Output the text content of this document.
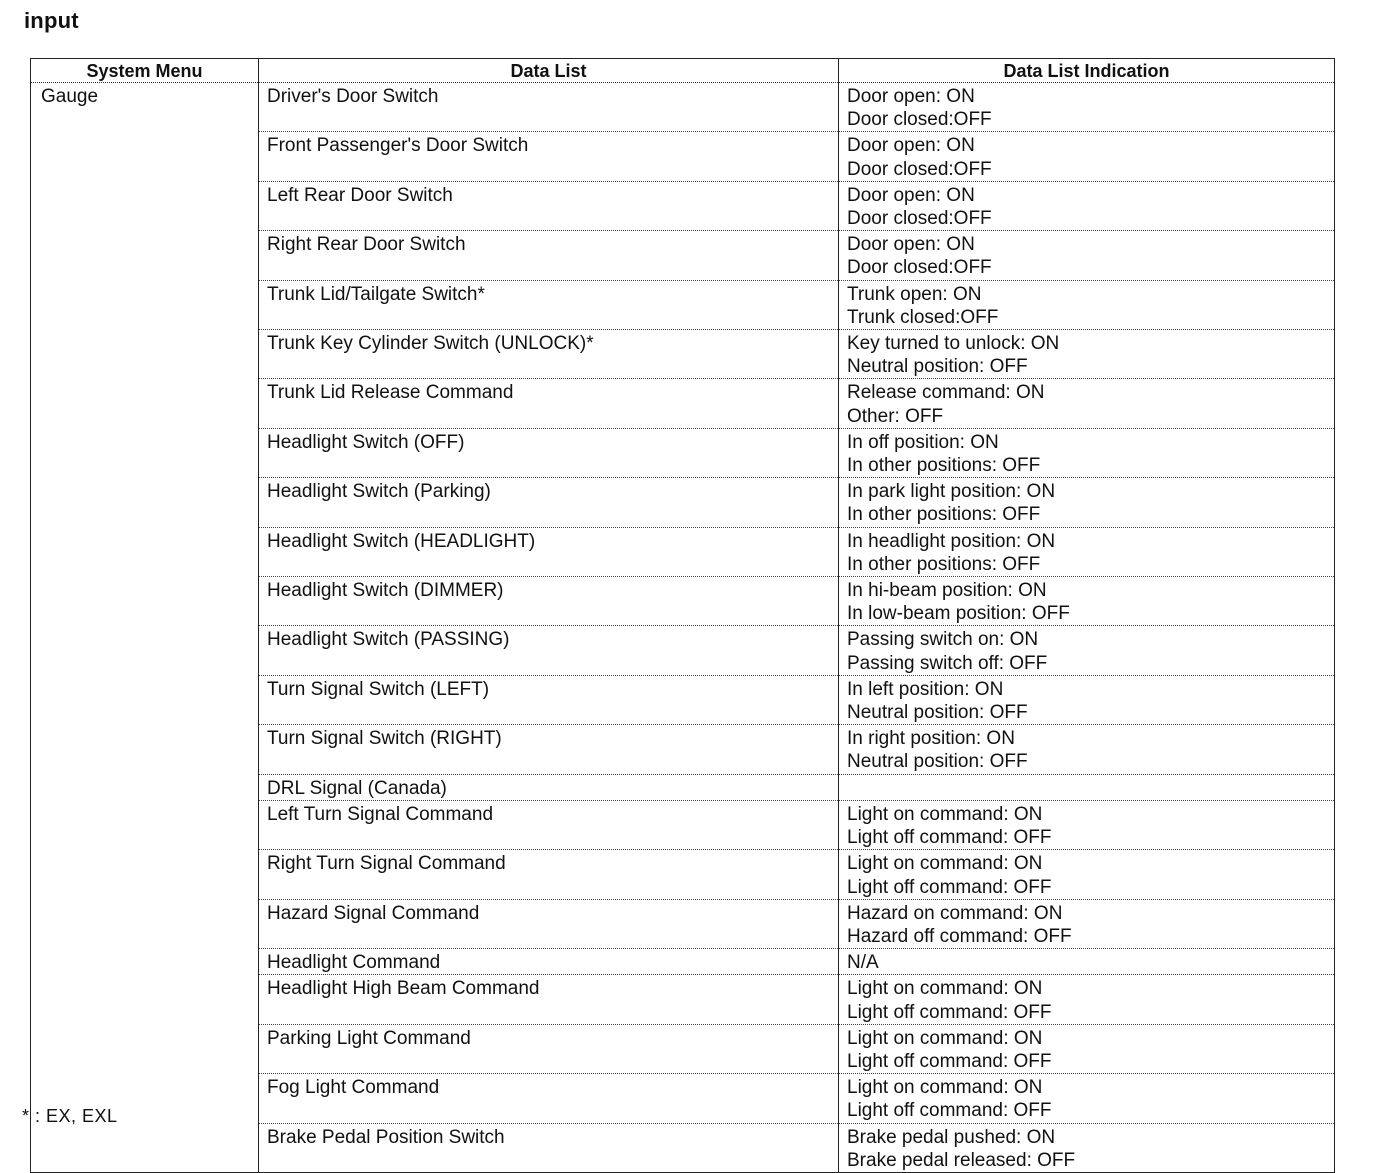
input
System Menu	Data List	Data List Indication
Gauge	Driver's Door Switch	Door open: ON
Door closed:OFF

	Front Passenger's Door Switch	Door open: ON
Door closed:OFF

	Left Rear Door Switch	Door open: ON
Door closed:OFF

	Right Rear Door Switch	Door open: ON
Door closed:OFF

	Trunk Lid/Tailgate Switch*	Trunk open: ON
Trunk closed:OFF

	Trunk Key Cylinder Switch (UNLOCK)*	Key turned to unlock: ON
Neutral position: OFF

	Trunk Lid Release Command	Release command: ON
Other: OFF

	Headlight Switch (OFF)	In off position: ON
In other positions: OFF

	Headlight Switch (Parking)	In park light position: ON
In other positions: OFF

	Headlight Switch (HEADLIGHT)	In headlight position: ON
In other positions: OFF

	Headlight Switch (DIMMER)	In hi-beam position: ON
In low-beam position: OFF

	Headlight Switch (PASSING)	Passing switch on: ON
Passing switch off: OFF

	Turn Signal Switch (LEFT)	In left position: ON
Neutral position: OFF

	Turn Signal Switch (RIGHT)	In right position: ON
Neutral position: OFF

	DRL Signal (Canada)	
	Left Turn Signal Command	Light on command: ON
Light off command: OFF

	Right Turn Signal Command	Light on command: ON
Light off command: OFF

	Hazard Signal Command	Hazard on command: ON
Hazard off command: OFF

	Headlight Command	N/A

	Headlight High Beam Command	Light on command: ON
Light off command: OFF

	Parking Light Command	Light on command: ON
Light off command: OFF

	Fog Light Command	Light on command: ON
Light off command: OFF

	Brake Pedal Position Switch	Brake pedal pushed: ON
Brake pedal released: OFF
* : EX, EXL
